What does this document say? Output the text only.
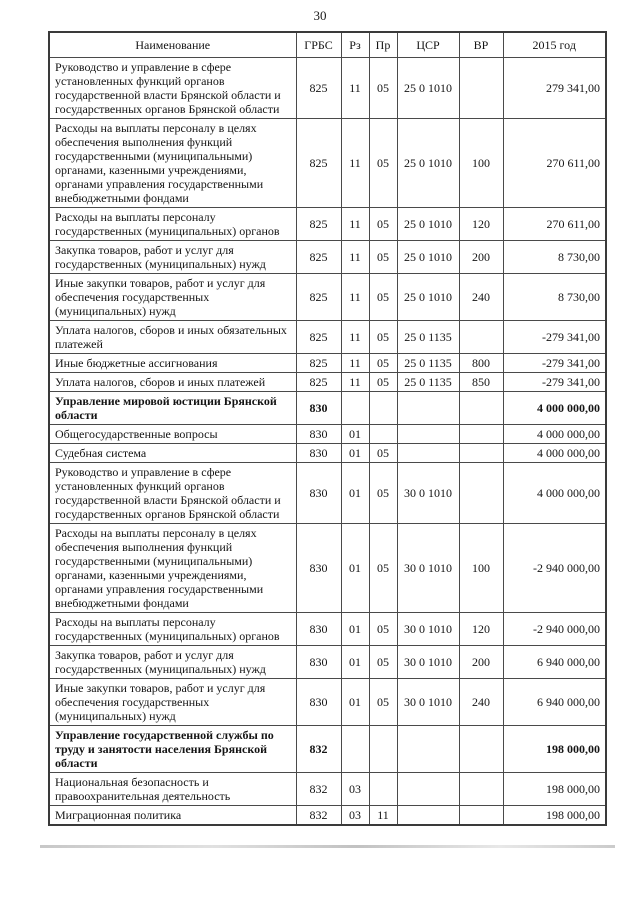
30
Наименование	ГРБС	Рз	Пр	ЦСР	ВР	2015 год
Руководство и управление в сфере установленных функций органов государственной власти Брянской области и государственных органов Брянской области	825	11	05	25 0 1010		279 341,00
Расходы на выплаты персоналу в целях обеспечения выполнения функций государственными (муниципальными) органами, казенными учреждениями, органами управления государственными внебюджетными фондами	825	11	05	25 0 1010	100	270 611,00
Расходы на выплаты персоналу государственных (муниципальных) органов	825	11	05	25 0 1010	120	270 611,00
Закупка товаров, работ и услуг для государственных (муниципальных) нужд	825	11	05	25 0 1010	200	8 730,00
Иные закупки товаров, работ и услуг для обеспечения государственных (муниципальных) нужд	825	11	05	25 0 1010	240	8 730,00
Уплата налогов, сборов и иных обязательных платежей	825	11	05	25 0 1135		-279 341,00
Иные бюджетные ассигнования	825	11	05	25 0 1135	800	-279 341,00
Уплата налогов, сборов и иных платежей	825	11	05	25 0 1135	850	-279 341,00
Управление мировой юстиции Брянской области	830					4 000 000,00
Общегосударственные вопросы	830	01				4 000 000,00
Судебная система	830	01	05			4 000 000,00
Руководство и управление в сфере установленных функций органов государственной власти Брянской области и государственных органов Брянской области	830	01	05	30 0 1010		4 000 000,00
Расходы на выплаты персоналу в целях обеспечения выполнения функций государственными (муниципальными) органами, казенными учреждениями, органами управления государственными внебюджетными фондами	830	01	05	30 0 1010	100	-2 940 000,00
Расходы на выплаты персоналу государственных (муниципальных) органов	830	01	05	30 0 1010	120	-2 940 000,00
Закупка товаров, работ и услуг для государственных (муниципальных) нужд	830	01	05	30 0 1010	200	6 940 000,00
Иные закупки товаров, работ и услуг для обеспечения государственных (муниципальных) нужд	830	01	05	30 0 1010	240	6 940 000,00
Управление государственной службы по труду и занятости населения Брянской области	832					198 000,00
Национальная безопасность и правоохранительная деятельность	832	03				198 000,00
Миграционная политика	832	03	11			198 000,00
